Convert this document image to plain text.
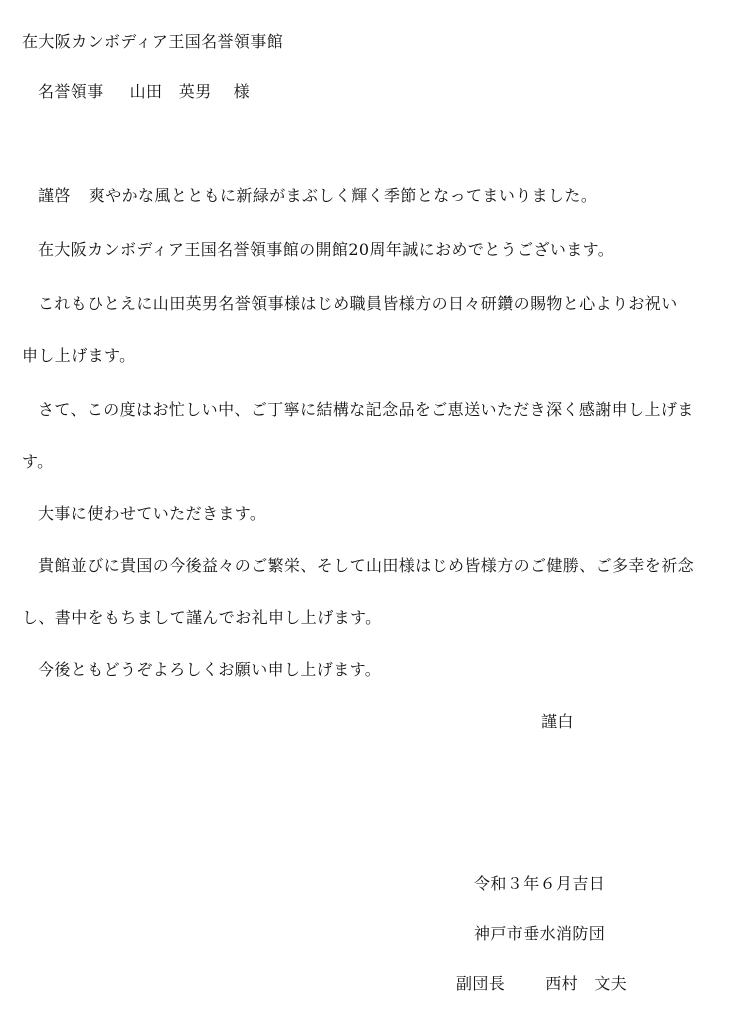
在大阪カンボディア王国名誉領事館
名誉領事 山田　英男 様
謹啓 爽やかな風とともに新緑がまぶしく輝く季節となってまいりました。
在大阪カンボディア王国名誉領事館の開館20周年誠におめでとうございます。
これもひとえに山田英男名誉領事様はじめ職員皆様方の日々研鑽の賜物と心よりお祝い
申し上げます。
さて、この度はお忙しい中、ご丁寧に結構な記念品をご恵送いただき深く感謝申し上げま
す。
大事に使わせていただきます。
貴館並びに貴国の今後益々のご繁栄、そして山田様はじめ皆様方のご健勝、ご多幸を祈念
し、書中をもちまして謹んでお礼申し上げます。
今後ともどうぞよろしくお願い申し上げます。
謹白
令和３年６月吉日
神戸市垂水消防団
副団長	西村　文夫
